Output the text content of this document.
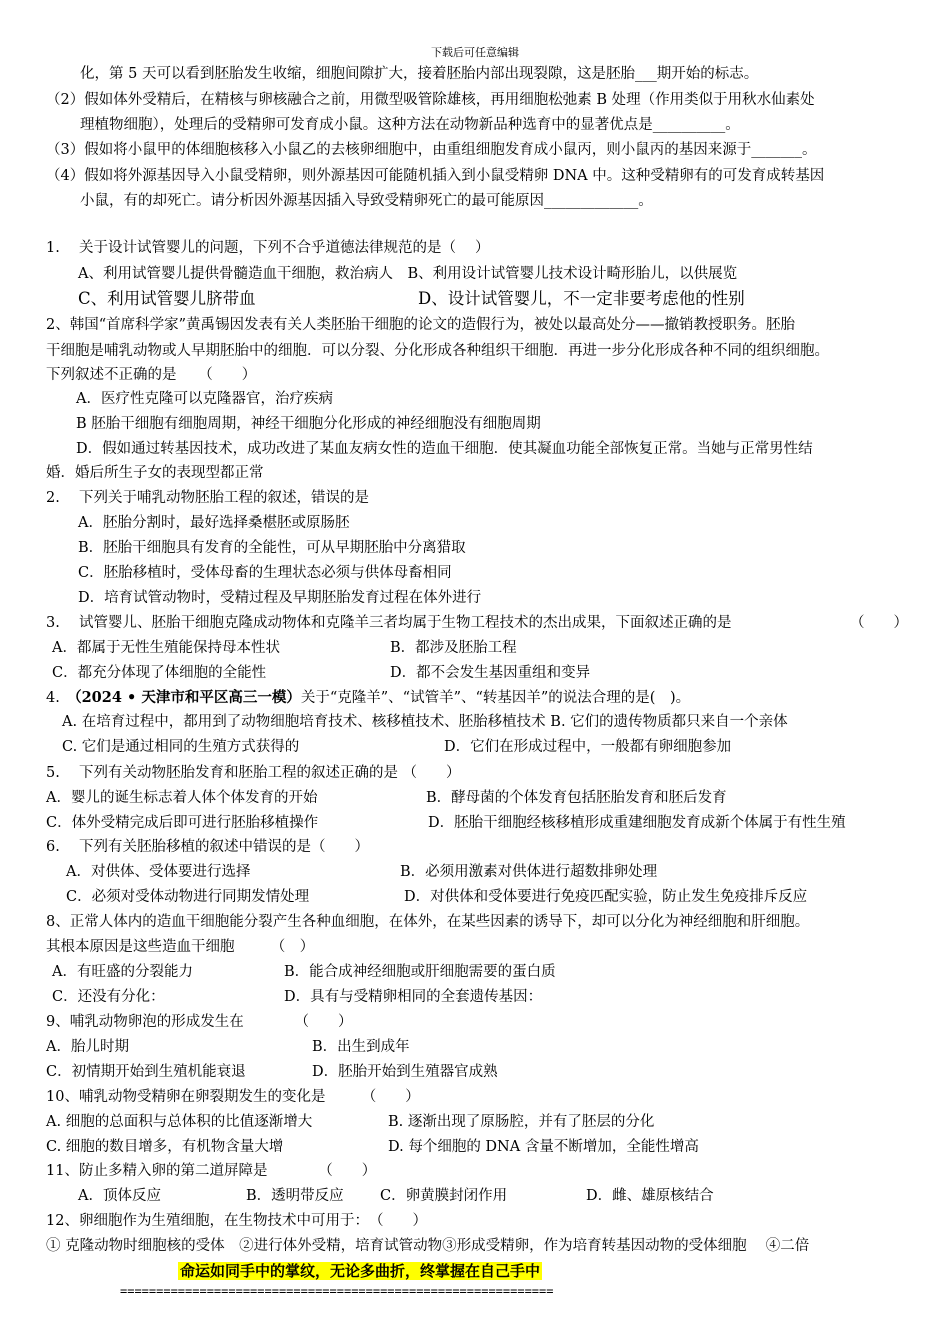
下载后可任意编辑
化，第 5 天可以看到胚胎发生收缩，细胞间隙扩大，接着胚胎内部出现裂隙，这是胚胎___期开始的标志。
（2）假如体外受精后，在精核与卵核融合之前，用微型吸管除雄核，再用细胞松弛素 B 处理（作用类似于用秋水仙素处
理植物细胞），处理后的受精卵可发育成小鼠。这种方法在动物新品种选育中的显著优点是__________。
（3）假如将小鼠甲的体细胞核移入小鼠乙的去核卵细胞中，由重组细胞发育成小鼠丙，则小鼠丙的基因来源于_______。
（4）假如将外源基因导入小鼠受精卵，则外源基因可能随机插入到小鼠受精卵 DNA 中。这种受精卵有的可发育成转基因
小鼠，有的却死亡。请分析因外源基因插入导致受精卵死亡的最可能原因_____________。
1.　 关于设计试管婴儿的问题，下列不合乎道德法律规范的是（　 ）
A、利用试管婴儿提供骨髓造血干细胞，救治病人　B、利用设计试管婴儿技术设计畸形胎儿，以供展览
C、利用试管婴儿脐带血	D、设计试管婴儿，不一定非要考虑他的性别
2、韩国“首席科学家”黄禹锡因发表有关人类胚胎干细胞的论文的造假行为，被处以最高处分——撤销教授职务。胚胎
干细胞是哺乳动物或人早期胚胎中的细胞．可以分裂、分化形成各种组织干细胞．再进一步分化形成各种不同的组织细胞。
下列叙述不正确的是　　（　　）
A．医疗性克隆可以克隆器官，治疗疾病
B 胚胎干细胞有细胞周期，神经干细胞分化形成的神经细胞没有细胞周期
D．假如通过转基因技术，成功改进了某血友病女性的造血干细胞．使其凝血功能全部恢复正常。当她与正常男性结
婚．婚后所生子女的表现型都正常
2.　 下列关于哺乳动物胚胎工程的叙述，错误的是
A．胚胎分割时，最好选择桑椹胚或原肠胚
B．胚胎干细胞具有发育的全能性，可从早期胚胎中分离猎取
C．胚胎移植时，受体母畜的生理状态必须与供体母畜相同
D．培育试管动物时，受精过程及早期胚胎发育过程在体外进行
3.　 试管婴儿、胚胎干细胞克隆成动物体和克隆羊三者均属于生物工程技术的杰出成果，下面叙述正确的是	（　　）
A．都属于无性生殖能保持母本性状	B．都涉及胚胎工程
C．都充分体现了体细胞的全能性	D．都不会发生基因重组和变异
4.　（2024 • 天津市和平区高三一模）关于“克隆羊”、“试管羊”、“转基因羊”的说法合理的是(　)。
A. 在培育过程中，都用到了动物细胞培育技术、核移植技术、胚胎移植技术 B. 它们的遗传物质都只来自一个亲体
C. 它们是通过相同的生殖方式获得的	D．它们在形成过程中，一般都有卵细胞参加
5.　 下列有关动物胚胎发育和胚胎工程的叙述正确的是 （　　）
A．婴儿的诞生标志着人体个体发育的开始	B．酵母菌的个体发育包括胚胎发育和胚后发育
C．体外受精完成后即可进行胚胎移植操作	D．胚胎干细胞经核移植形成重建细胞发育成新个体属于有性生殖
6.　 下列有关胚胎移植的叙述中错误的是（　　）
A．对供体、受体要进行选择	B．必须用激素对供体进行超数排卵处理
C．必须对受体动物进行同期发情处理	D．对供体和受体要进行免疫匹配实验，防止发生免疫排斥反应
8、正常人体内的造血干细胞能分裂产生各种血细胞，在体外，在某些因素的诱导下，却可以分化为神经细胞和肝细胞。
其根本原因是这些造血干细胞　　　（　）
A．有旺盛的分裂能力	B．能合成神经细胞或肝细胞需要的蛋白质
C．还没有分化：	D．具有与受精卵相同的全套遗传基因：
9、哺乳动物卵泡的形成发生在　　　　（　　）
A．胎儿时期	B．出生到成年
C．初情期开始到生殖机能衰退	D．胚胎开始到生殖器官成熟
10、哺乳动物受精卵在卵裂期发生的变化是　　　（　　）
A. 细胞的总面积与总体积的比值逐渐增大	B. 逐渐出现了原肠腔，并有了胚层的分化
C. 细胞的数目增多，有机物含量大增	D. 每个细胞的 DNA 含量不断增加，全能性增高
11、防止多精入卵的第二道屏障是　　　　（　　）
A．顶体反应	B．透明带反应	C．卵黄膜封闭作用	D．雌、雄原核结合
12、卵细胞作为生殖细胞，在生物技术中可用于：　（　　）
① 克隆动物时细胞核的受体　②进行体外受精，培育试管动物③形成受精卵，作为培育转基因动物的受体细胞　 ④二倍
命运如同手中的掌纹，无论多曲折，终掌握在自己手中
============================================================
